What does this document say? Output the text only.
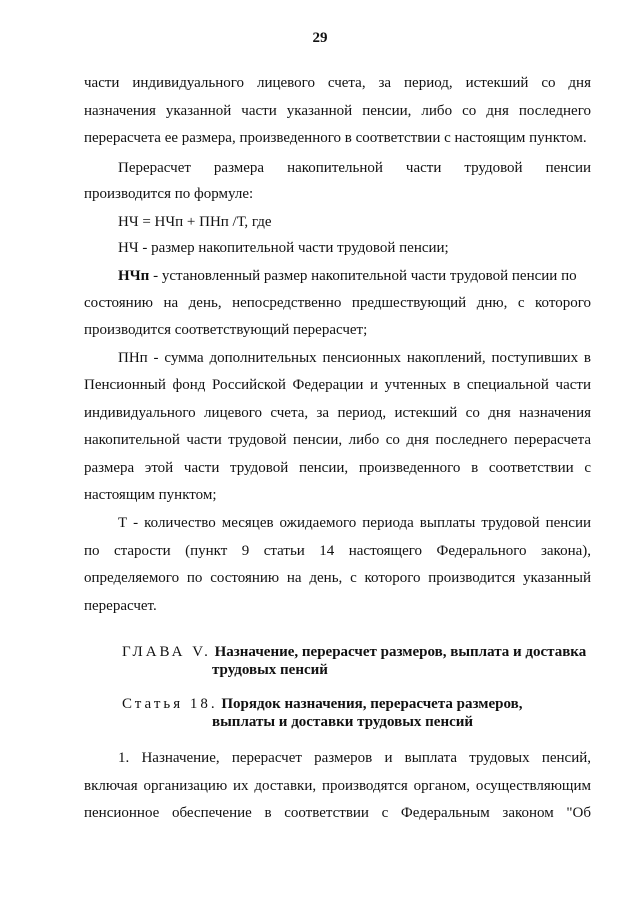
29
части индивидуального лицевого счета, за период, истекший со дня
назначения указанной части указанной пенсии, либо со дня последнего
перерасчета ее размера, произведенного в соответствии с настоящим пунктом.
Перерасчет размера накопительной части трудовой пенсии
производится по формуле:
НЧ = НЧп + ПНп /Т, где
НЧ - размер накопительной части трудовой пенсии;
НЧп - установленный размер накопительной части трудовой пенсии по
состоянию на день, непосредственно предшествующий дню, с которого
производится соответствующий перерасчет;
ПНп - сумма дополнительных пенсионных накоплений, поступивших в
Пенсионный фонд Российской Федерации и учтенных в специальной части
индивидуального лицевого счета, за период, истекший со дня назначения
накопительной части трудовой пенсии, либо со дня последнего перерасчета
размера этой части трудовой пенсии, произведенного в соответствии с
настоящим пунктом;
Т - количество месяцев ожидаемого периода выплаты трудовой пенсии
по старости (пункт 9 статьи 14 настоящего Федерального закона),
определяемого по состоянию на день, с которого производится указанный
перерасчет.
ГЛАВА V. Назначение, перерасчет размеров, выплата и доставка
трудовых пенсий
Статья 18. Порядок назначения, перерасчета размеров,
выплаты и доставки трудовых пенсий
1. Назначение, перерасчет размеров и выплата трудовых пенсий,
включая организацию их доставки, производятся органом, осуществляющим
пенсионное обеспечение в соответствии с Федеральным законом "Об
